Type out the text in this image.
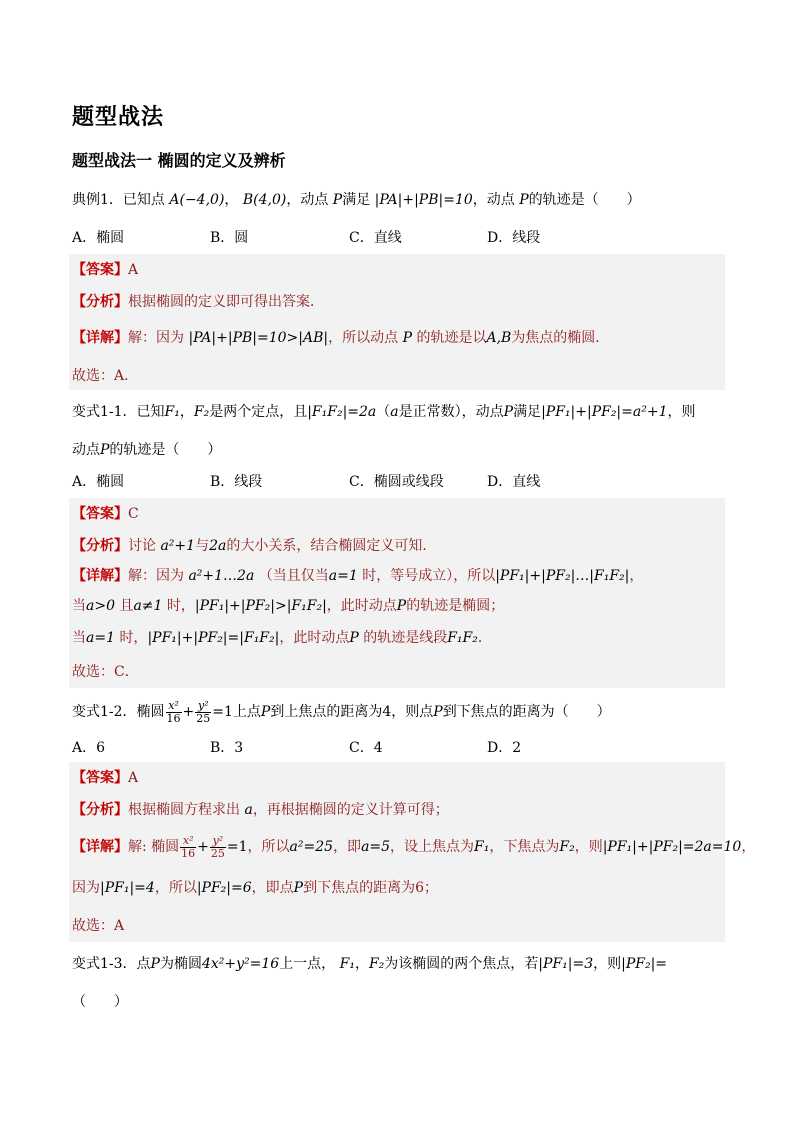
题型战法
题型战法一 椭圆的定义及辨析
典例1．已知点 A(−4,0)， B(4,0)，动点 P满足 |PA|+|PB|=10，动点 P的轨迹是（　　）
A．椭圆	B．圆	C．直线	D．线段
【答案】A
【分析】根据椭圆的定义即可得出答案．
【详解】解：因为 |PA|+|PB|=10>|AB|，所以动点 P 的轨迹是以A,B为焦点的椭圆．
故选：A．
变式1-1．已知F₁，F₂是两个定点，且|F₁F₂|=2a（a是正常数），动点P满足|PF₁|+|PF₂|=a²+1，则
动点P的轨迹是（　　）
A．椭圆	B．线段	C．椭圆或线段	D．直线
【答案】C
【分析】讨论 a²+1与2a的大小关系，结合椭圆定义可知．
【详解】解：因为 a²+1…2a （当且仅当a=1 时，等号成立），所以|PF₁|+|PF₂|…|F₁F₂|，
当a>0 且a≠1 时，|PF₁|+|PF₂|>|F₁F₂|，此时动点P的轨迹是椭圆；
当a=1 时，|PF₁|+|PF₂|=|F₁F₂|，此时动点P 的轨迹是线段F₁F₂．
故选：C．
变式1-2．椭圆 $\frac{\text{x²}}{16} + \frac{\text{y²}}{25} =1$上点P到上焦点的距离为4，则点P到下焦点的距离为（　　）
A．6	B．3	C．4	D．2
【答案】A
【分析】根据椭圆方程求出 a，再根据椭圆的定义计算可得；
【详解】解: 椭圆 $\frac{\text{x²}}{16} + \frac{\text{y²}}{25} =1$，所以a²=25，即a=5，设上焦点为F₁，下焦点为F₂，则|PF₁|+|PF₂|=2a=10，
因为|PF₁|=4，所以|PF₂|=6，即点P到下焦点的距离为6；
故选：A
变式1-3．点P为椭圆4x²+y²=16上一点， F₁，F₂为该椭圆的两个焦点，若|PF₁|=3，则|PF₂|=
（　　）
